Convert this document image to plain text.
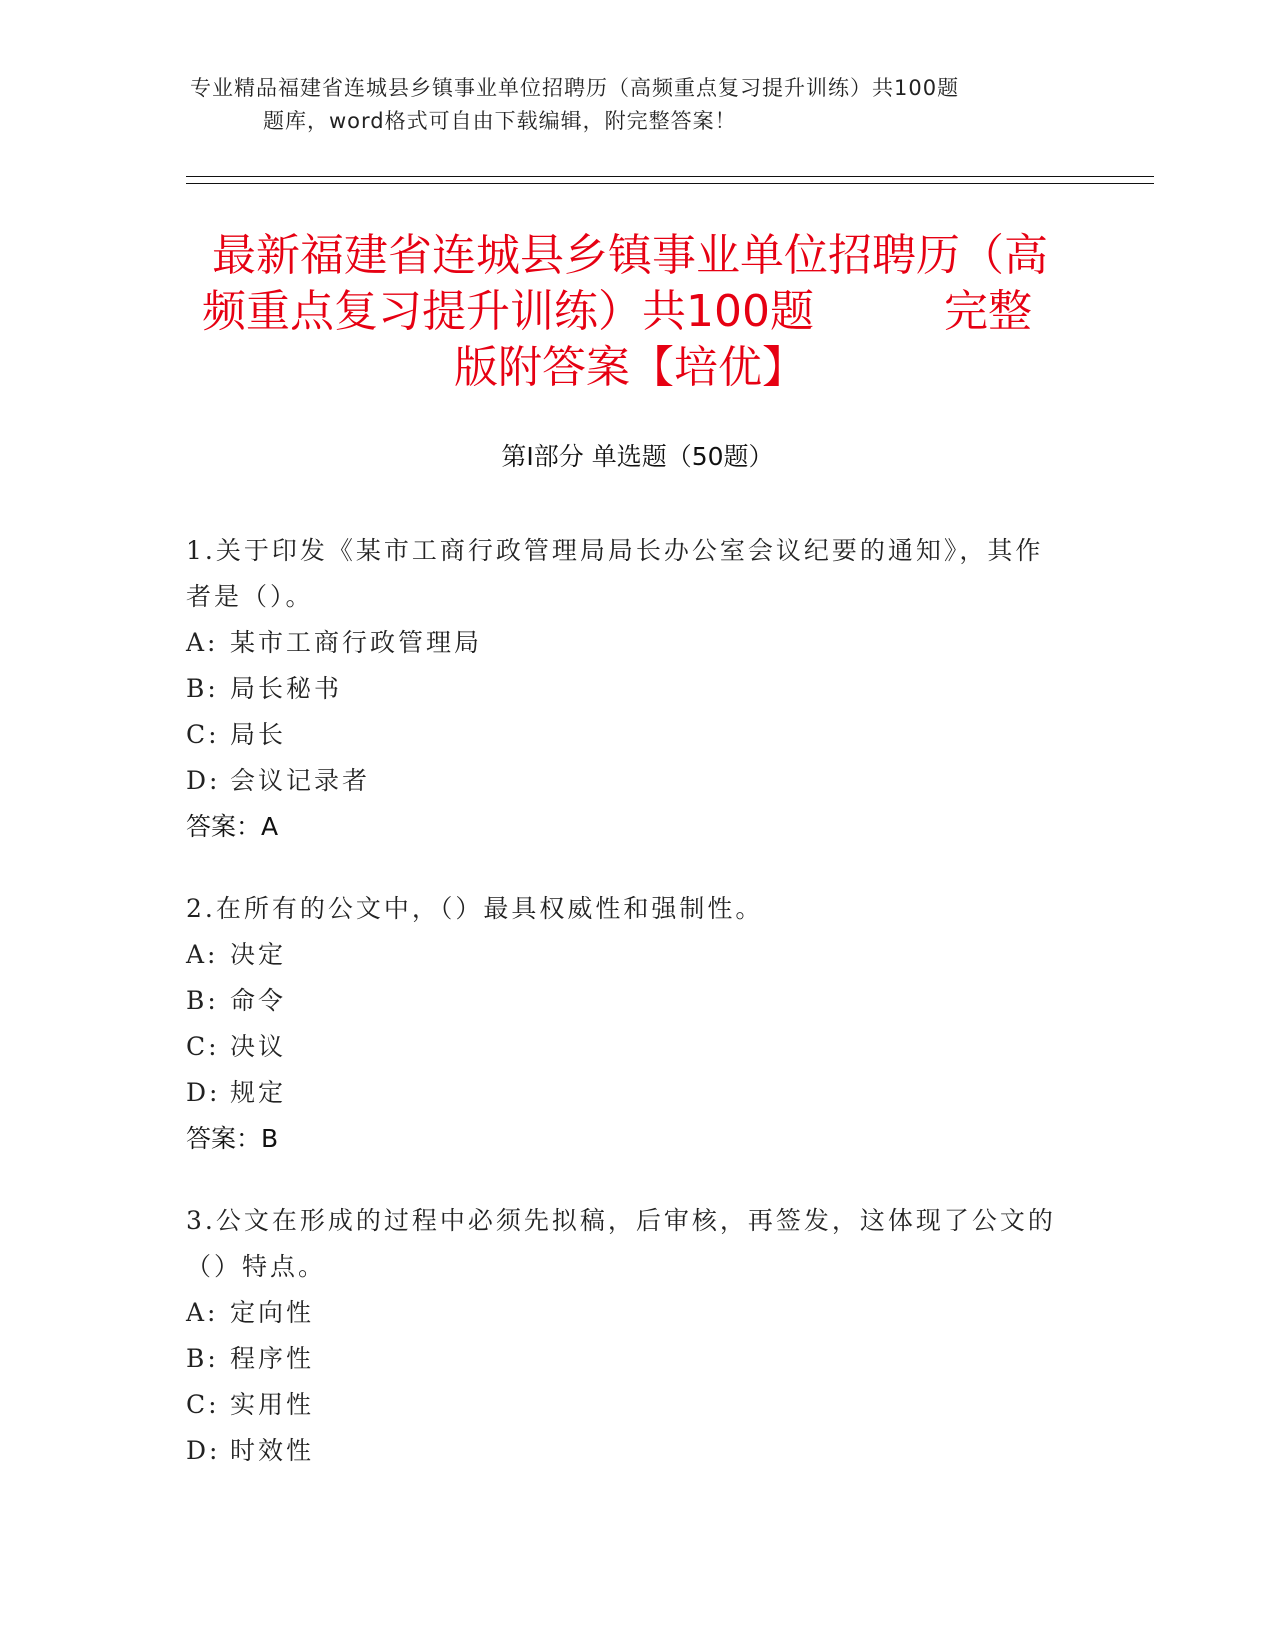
专业精品福建省连城县乡镇事业单位招聘历（高频重点复习提升训练）共100题
题库，word格式可自由下载编辑，附完整答案！
最新福建省连城县乡镇事业单位招聘历（高
频重点复习提升训练）共100题	完整
版附答案【培优】
第Ⅰ部分 单选题（50题）
1.关于印发《某市工商行政管理局局长办公室会议纪要的通知》，其作者是（）。
A: 某市工商行政管理局
B: 局长秘书
C: 局长
D: 会议记录者
答案：A
2.在所有的公文中，（）最具权威性和强制性。
A: 决定
B: 命令
C: 决议
D: 规定
答案：B
3.公文在形成的过程中必须先拟稿，后审核，再签发，这体现了公文的（）特点。
A: 定向性
B: 程序性
C: 实用性
D: 时效性
